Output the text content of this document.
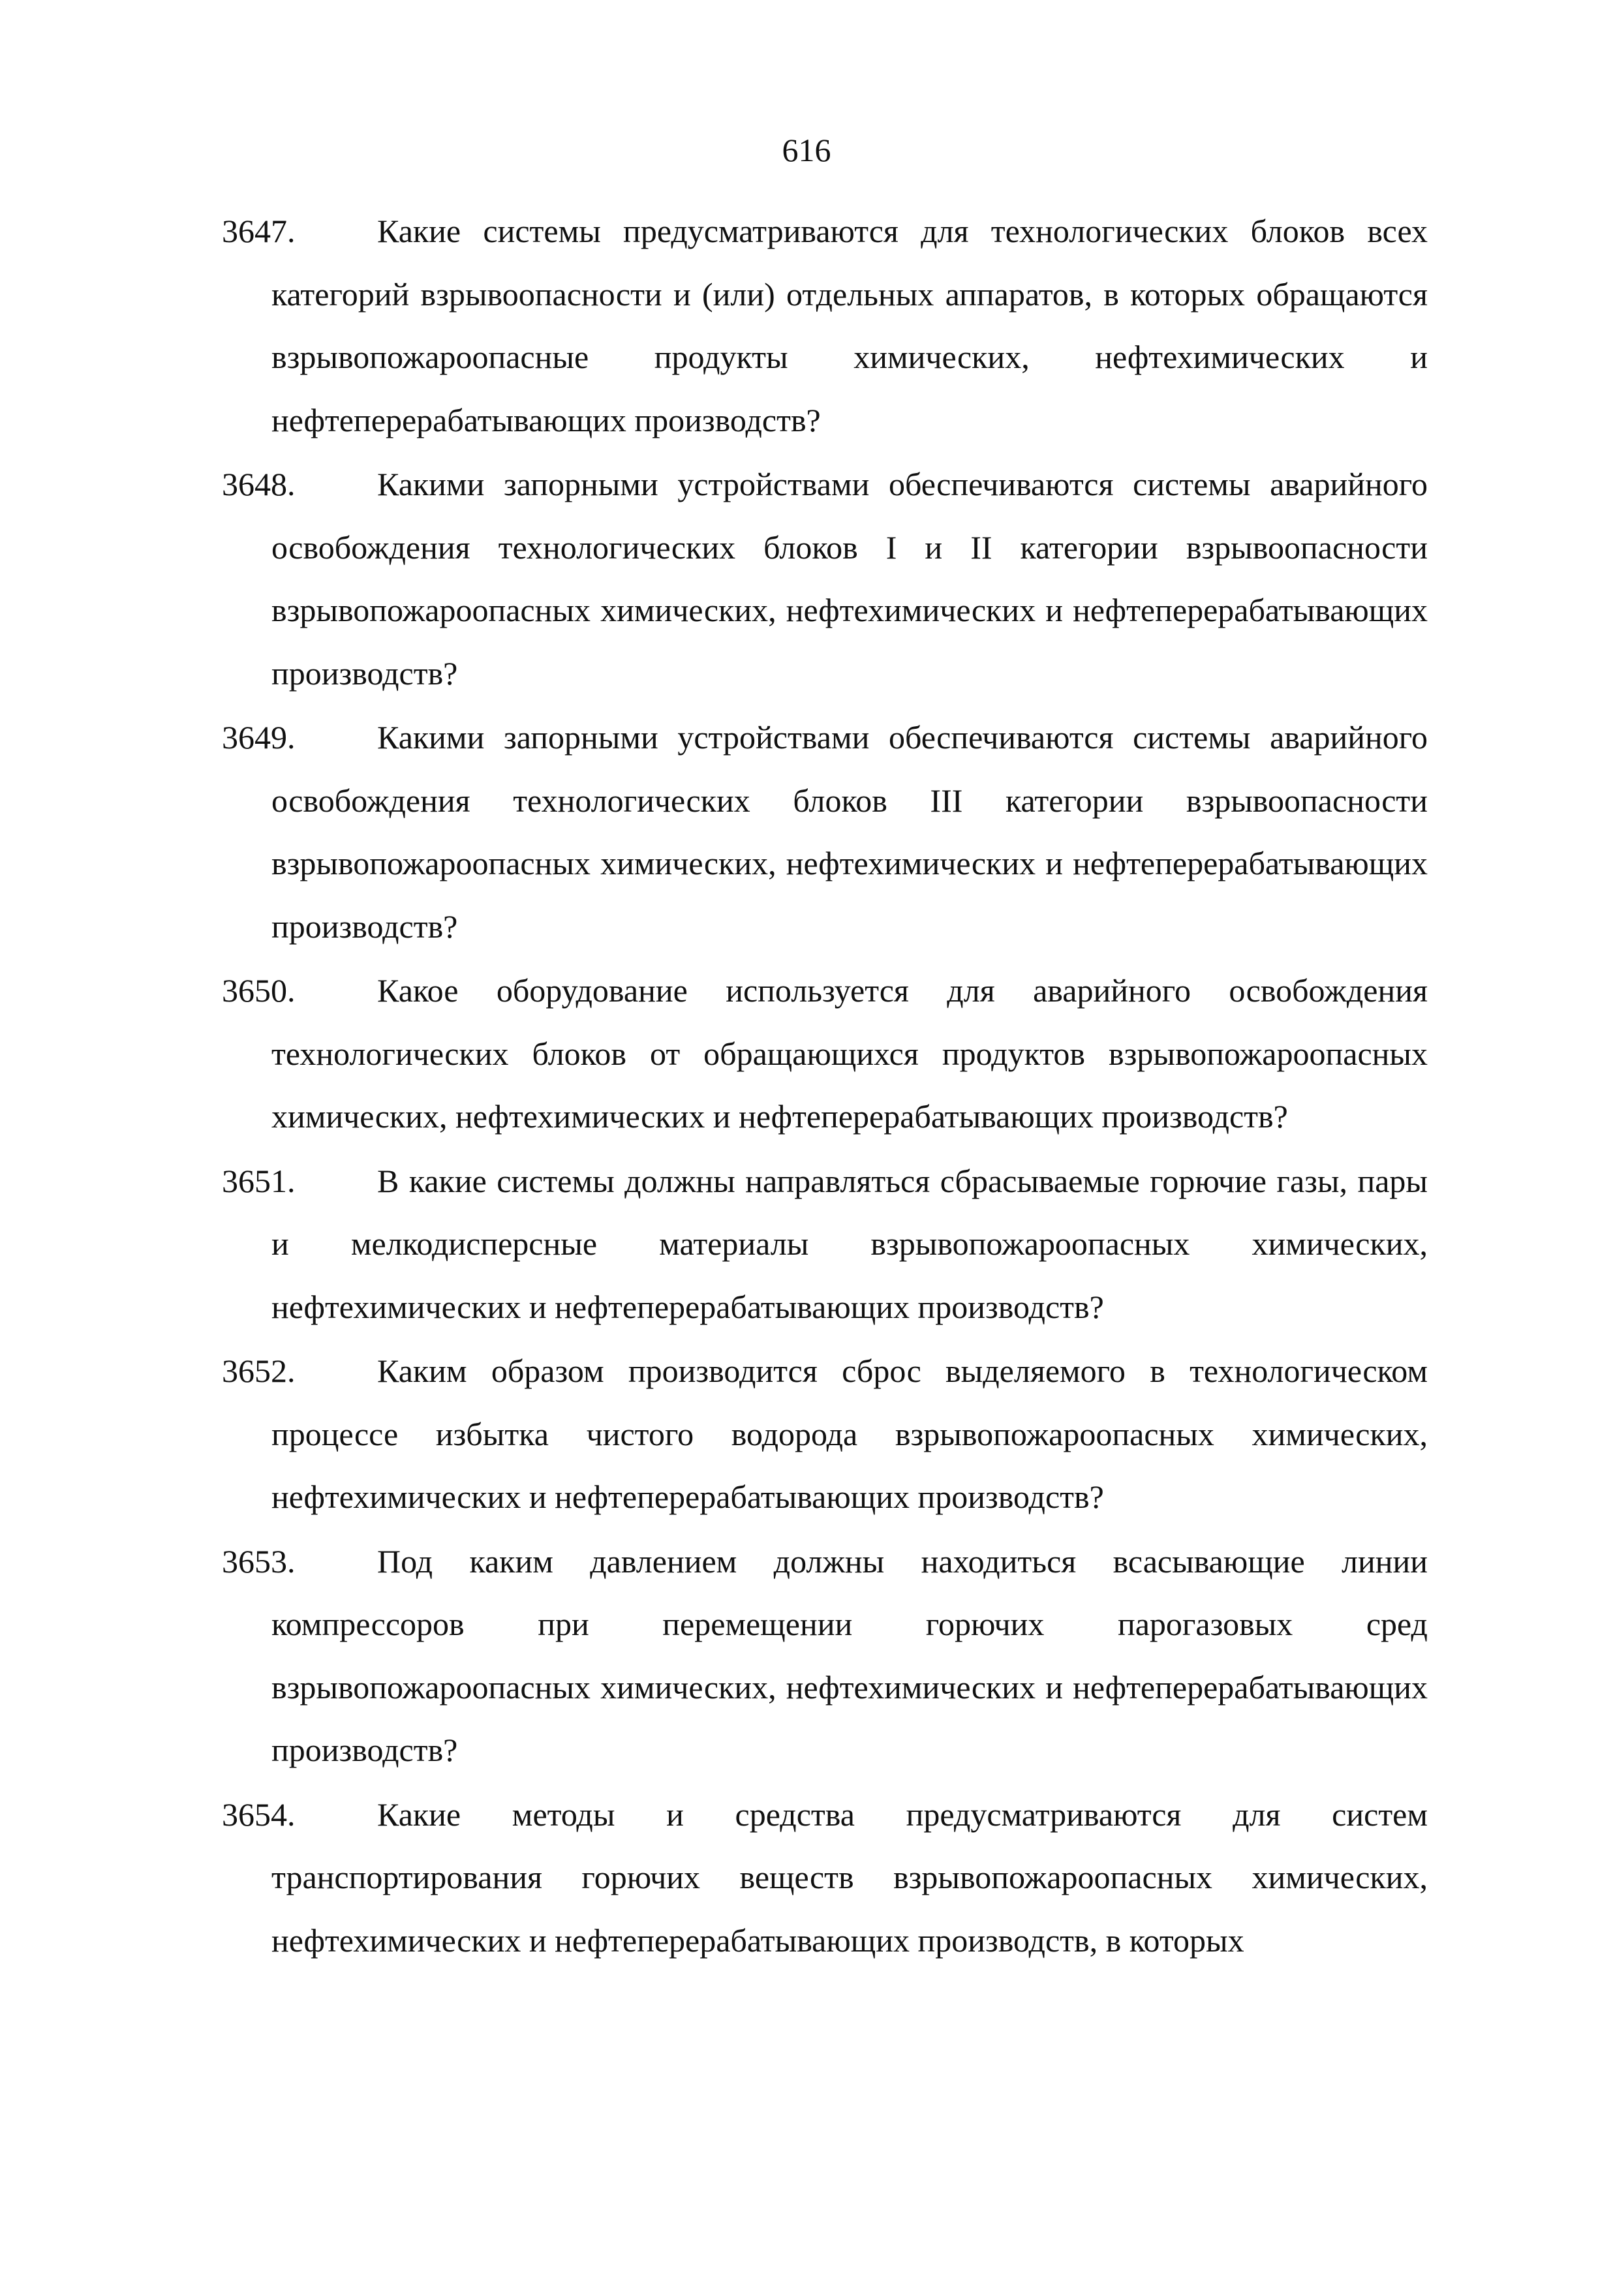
616
3647.	Какие системы предусматриваются для технологических блоков всех категорий взрывоопасности и (или) отдельных аппаратов, в которых обращаются взрывопожароопасные продукты химических, нефтехимических и нефтеперерабатывающих производств?
3648.	Какими запорными устройствами обеспечиваются системы аварийного освобождения технологических блоков I и II категории взрывоопасности взрывопожароопасных химических, нефтехимических и нефтеперерабатывающих производств?
3649.	Какими запорными устройствами обеспечиваются системы аварийного освобождения технологических блоков III категории взрывоопасности взрывопожароопасных химических, нефтехимических и нефтеперерабатывающих производств?
3650.	Какое оборудование используется для аварийного освобождения технологических блоков от обращающихся продуктов взрывопожароопасных химических, нефтехимических и нефтеперерабатывающих производств?
3651.	В какие системы должны направляться сбрасываемые горючие газы, пары и мелкодисперсные материалы взрывопожароопасных химических, нефтехимических и нефтеперерабатывающих производств?
3652.	Каким образом производится сброс выделяемого в технологическом процессе избытка чистого водорода взрывопожароопасных химических, нефтехимических и нефтеперерабатывающих производств?
3653.	Под каким давлением должны находиться всасывающие линии компрессоров при перемещении горючих парогазовых сред взрывопожароопасных химических, нефтехимических и нефтеперерабатывающих производств?
3654.	Какие методы и средства предусматриваются для систем транспортирования горючих веществ взрывопожароопасных химических, нефтехимических и нефтеперерабатывающих производств, в которых
